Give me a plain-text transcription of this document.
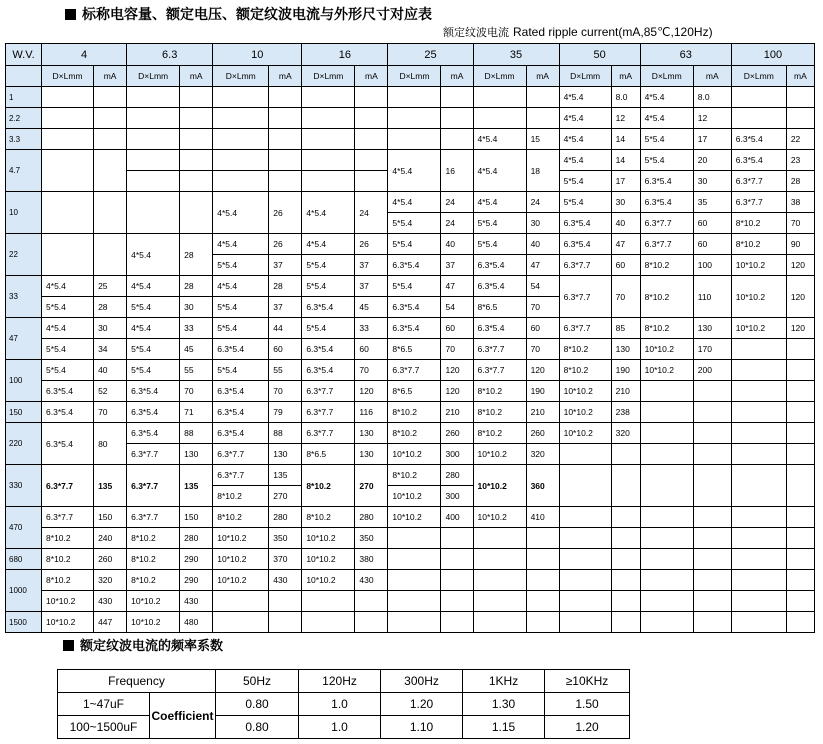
标称电容量、额定电压、额定纹波电流与外形尺寸对应表
额定纹波电流 Rated ripple current(mA,85℃,120Hz)
W.V.	4		6.3		10		16		25		35		50		63		100	
	D×Lmm	mA	D×Lmm	mA	D×Lmm	mA	D×Lmm	mA	D×Lmm	mA	D×Lmm	mA	D×Lmm	mA	D×Lmm	mA	D×Lmm	mA
1													4*5.4	8.0	4*5.4	8.0		
2.2													4*5.4	12	4*5.4	12		
3.3											4*5.4	15	4*5.4	14	5*5.4	17	6.3*5.4	22
4.7									4*5.4	16	4*5.4	18	4*5.4	14	5*5.4	20	6.3*5.4	23
													5*5.4	17	6.3*5.4	30	6.3*7.7	28
10					4*5.4	26	4*5.4	24	4*5.4	24	4*5.4	24	5*5.4	30	6.3*5.4	35	6.3*7.7	38
									5*5.4	24	5*5.4	30	6.3*5.4	40	6.3*7.7	60	8*10.2	70
22			4*5.4	28	4*5.4	26	4*5.4	26	5*5.4	40	5*5.4	40	6.3*5.4	47	6.3*7.7	60	8*10.2	90
					5*5.4	37	5*5.4	37	6.3*5.4	37	6.3*5.4	47	6.3*7.7	60	8*10.2	100	10*10.2	120
33	4*5.4	25	4*5.4	28	4*5.4	28	5*5.4	37	5*5.4	47	6.3*5.4	54	6.3*7.7	70	8*10.2	110	10*10.2	120
	5*5.4	28	5*5.4	30	5*5.4	37	6.3*5.4	45	6.3*5.4	54	8*6.5	70						
47	4*5.4	30	4*5.4	33	5*5.4	44	5*5.4	33	6.3*5.4	60	6.3*5.4	60	6.3*7.7	85	8*10.2	130	10*10.2	120
	5*5.4	34	5*5.4	45	6.3*5.4	60	6.3*5.4	60	8*6.5	70	6.3*7.7	70	8*10.2	130	10*10.2	170		
100	5*5.4	40	5*5.4	55	5*5.4	55	6.3*5.4	70	6.3*7.7	120	6.3*7.7	120	8*10.2	190	10*10.2	200		
	6.3*5.4	52	6.3*5.4	70	6.3*5.4	70	6.3*7.7	120	8*6.5	120	8*10.2	190	10*10.2	210				
150	6.3*5.4	70	6.3*5.4	71	6.3*5.4	79	6.3*7.7	116	8*10.2	210	8*10.2	210	10*10.2	238				
220	6.3*5.4	80	6.3*5.4	88	6.3*5.4	88	6.3*7.7	130	8*10.2	260	8*10.2	260	10*10.2	320				
			6.3*7.7	130	6.3*7.7	130	8*6.5	130	10*10.2	300	10*10.2	320						
330	6.3*7.7	135	6.3*7.7	135	6.3*7.7	135	8*10.2	270	8*10.2	280	10*10.2	360						
					8*10.2	270			10*10.2	300								
470	6.3*7.7	150	6.3*7.7	150	8*10.2	280	8*10.2	280	10*10.2	400	10*10.2	410						
	8*10.2	240	8*10.2	280	10*10.2	350	10*10.2	350										
680	8*10.2	260	8*10.2	290	10*10.2	370	10*10.2	380										
1000	8*10.2	320	8*10.2	290	10*10.2	430	10*10.2	430										
	10*10.2	430	10*10.2	430														
1500	10*10.2	447	10*10.2	480														
额定纹波电流的频率系数
Frequency		50Hz	120Hz	300Hz	1KHz	≥10KHz
1~47uF	Coefficient	0.80	1.0	1.20	1.30	1.50
100~1500uF		0.80	1.0	1.10	1.15	1.20
